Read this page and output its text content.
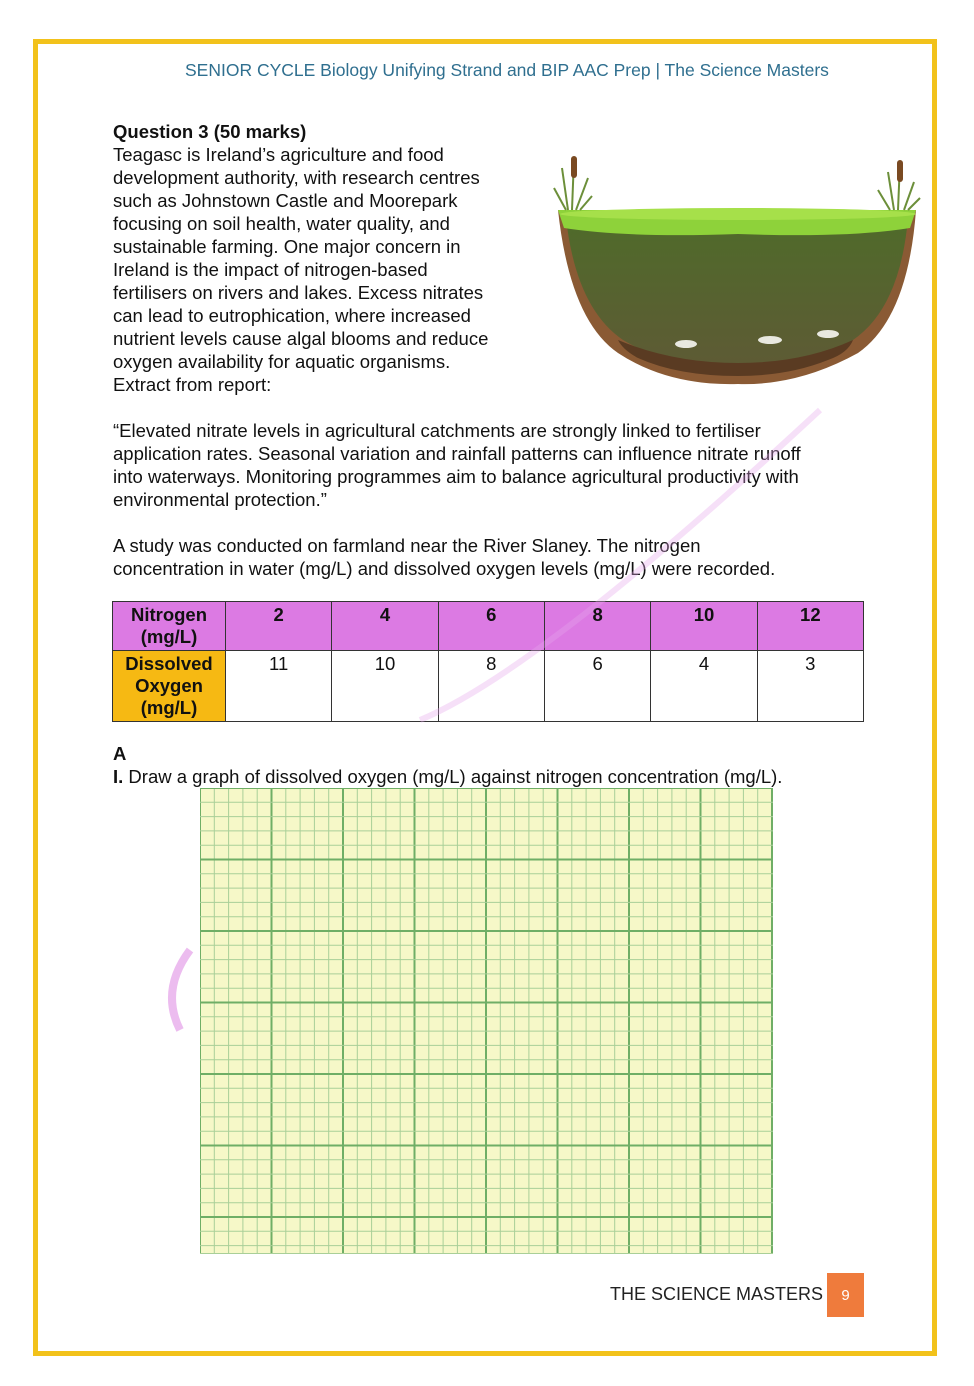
SENIOR CYCLE Biology Unifying Strand and BIP AAC Prep | The Science Masters
Question 3 (50 marks)

Teagasc is Ireland’s agriculture and food
development authority, with research centres
such as Johnstown Castle and Moorepark
focusing on soil health, water quality, and
sustainable farming. One major concern in
Ireland is the impact of nitrogen-based
fertilisers on rivers and lakes. Excess nitrates
can lead to eutrophication, where increased
nutrient levels cause algal blooms and reduce
oxygen availability for aquatic organisms.
Extract from report:

“Elevated nitrate levels in agricultural catchments are strongly linked to fertiliser
application rates. Seasonal variation and rainfall patterns can influence nitrate runoff
into waterways. Monitoring programmes aim to balance agricultural productivity with
environmental protection.”
A study was conducted on farmland near the River Slaney. The nitrogen
concentration in water (mg/L) and dissolved oxygen levels (mg/L) were recorded.
Nitrogen
(mg/L)	2	4	6	8	10	12
Dissolved
Oxygen
(mg/L)	11	10	8	6	4	3
A
I. Draw a graph of dissolved oxygen (mg/L) against nitrogen concentration (mg/L).
THE SCIENCE MASTERS	9
